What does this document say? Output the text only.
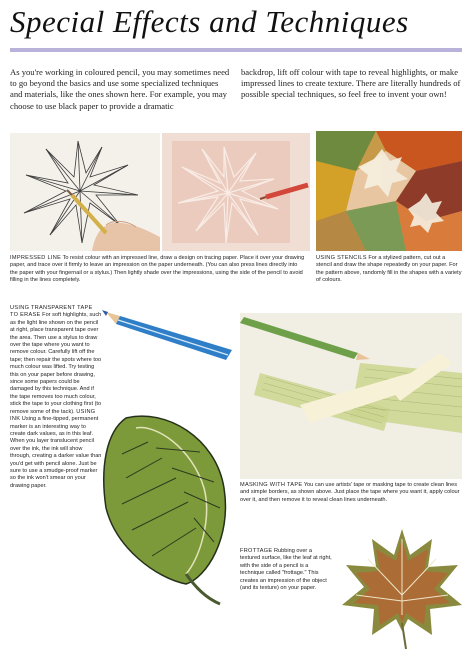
Special Effects and Techniques
As you're working in coloured pencil, you may sometimes need to go beyond the basics and use some specialized techniques and materials, like the ones shown here. For example, you may choose to use black paper to provide a dramatic
backdrop, lift off colour with tape to reveal highlights, or make impressed lines to create texture. There are literally hundreds of possible special techniques, so feel free to invent your own!
IMPRESSED LINE To resist colour with an impressed line, draw a design on tracing paper. Place it over your drawing paper, and trace over it firmly to leave an impression on the paper underneath. (You can also press lines directly into the paper with your fingernail or a stylus.) Then lightly shade over the impressions, using the side of the pencil to avoid filling in the lines completely.
USING STENCILS For a stylized pattern, cut out a stencil and draw the shape repeatedly on your paper. For the pattern above, randomly fill in the shapes with a variety of colours.
USING TRANSPARENT TAPE TO ERASE For soft highlights, such as the light line shown on the pencil at right, place transparent tape over the area. Then use a stylus to draw over the tape where you want to remove colour. Carefully lift off the tape; then repair the spots where too much colour was lifted. Try testing this on your paper before drawing, since some papers could be damaged by this technique. And if the tape removes too much colour, stick the tape to your clothing first (to remove some of the tack). USING INK Using a fine-tipped, permanent marker is an interesting way to create dark values, as in this leaf. When you layer translucent pencil over the ink, the ink will show through, creating a darker value than you'd get with pencil alone. Just be sure to use a smudge-proof marker so the ink won't smear on your drawing paper.	MASKING WITH TAPE You can use artists' tape or masking tape to create clean lines and simple borders, as shown above. Just place the tape where you want it, apply colour over it, and then remove it to reveal clean lines underneath.
FROTTAGE Rubbing over a textured surface, like the leaf at right, with the side of a pencil is a technique called "frottage." This creates an impression of the object (and its texture) on your paper.
